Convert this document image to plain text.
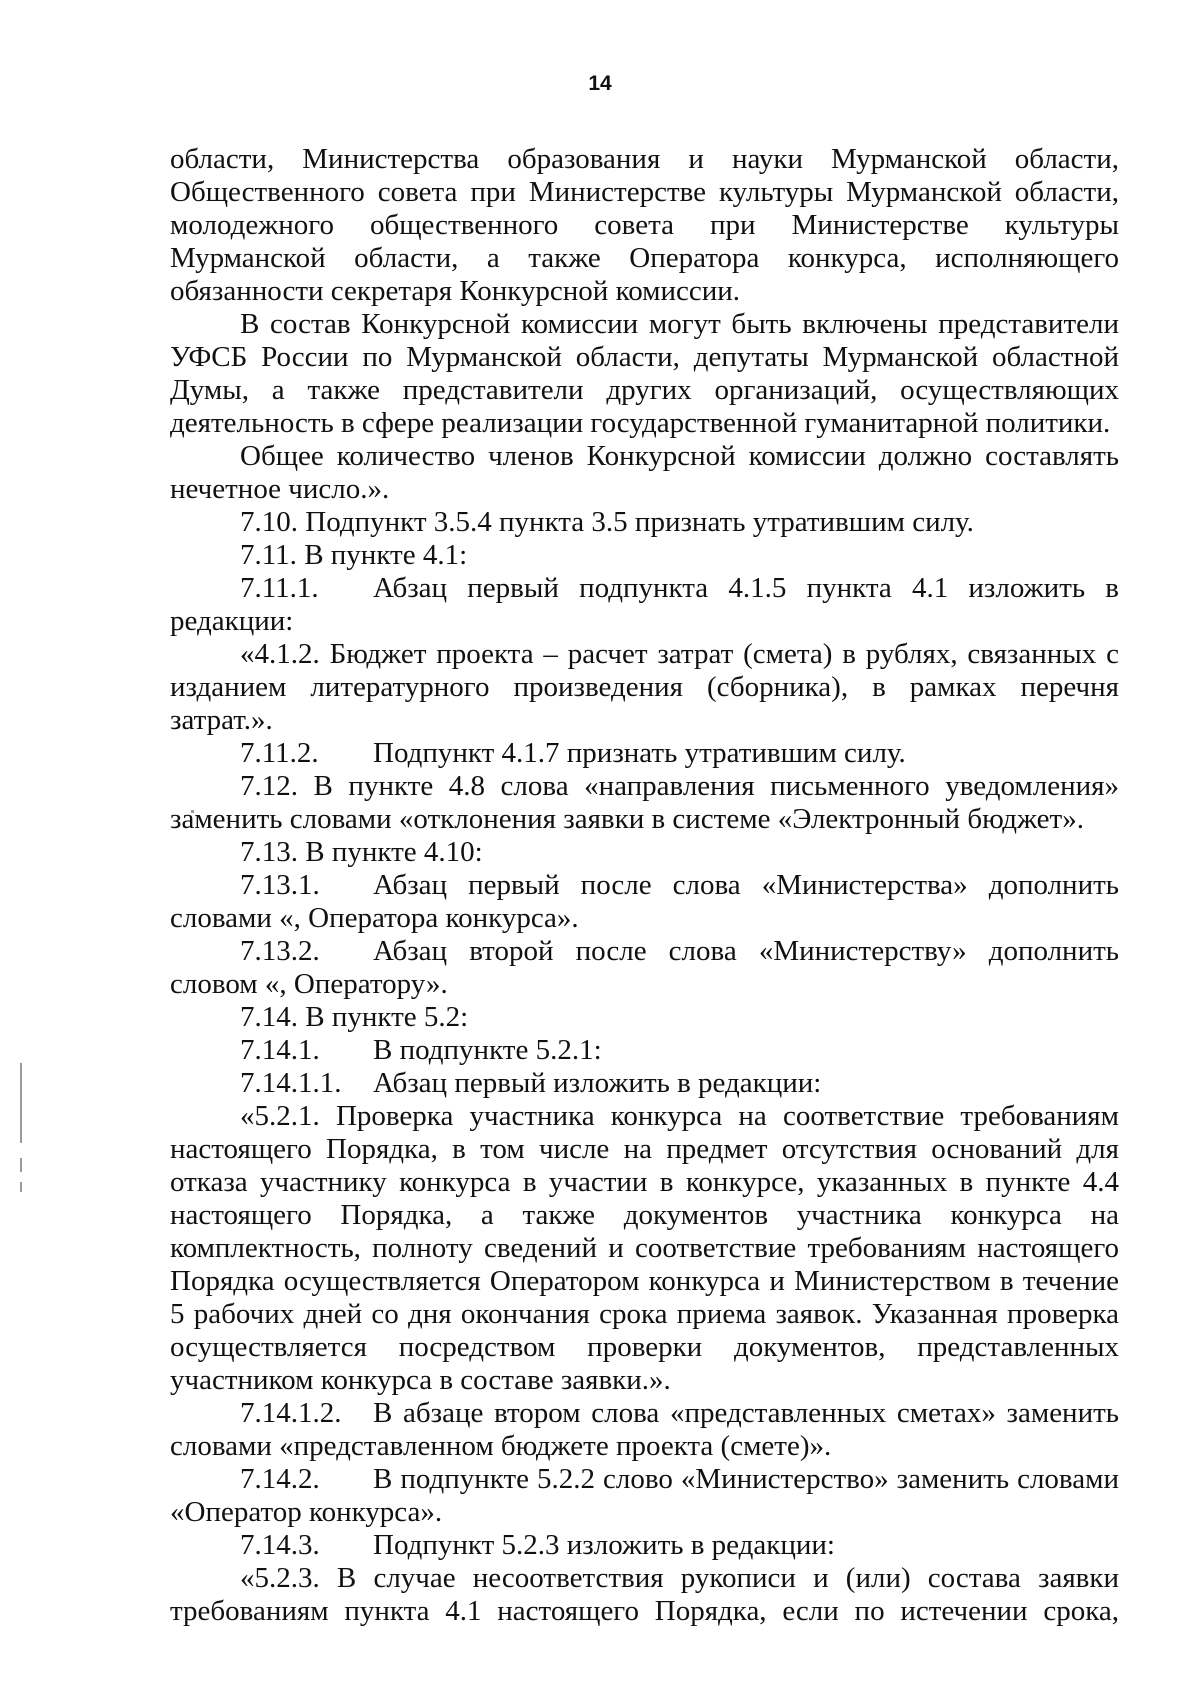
14

области, Министерства образования и науки Мурманской области, Общественного совета при Министерстве культуры Мурманской области, молодежного общественного совета при Министерстве культуры Мурманской области, а также Оператора конкурса, исполняющего обязанности секретаря Конкурсной комиссии.

В состав Конкурсной комиссии могут быть включены представители УФСБ России по Мурманской области, депутаты Мурманской областной Думы, а также представители других организаций, осуществляющих деятельность в сфере реализации государственной гуманитарной политики.

Общее количество членов Конкурсной комиссии должно составлять нечетное число.».

7.10. Подпункт 3.5.4 пункта 3.5 признать утратившим силу.

7.11. В пункте 4.1:

7.11.1. Абзац первый подпункта 4.1.5 пункта 4.1 изложить в редакции:

«4.1.2. Бюджет проекта – расчет затрат (смета) в рублях, связанных с изданием литературного произведения (сборника), в рамках перечня затрат.».

7.11.2. Подпункт 4.1.7 признать утратившим силу.

7.12. В пункте 4.8 слова «направления письменного уведомления» заменить словами «отклонения заявки в системе «Электронный бюджет».

7.13. В пункте 4.10:

7.13.1. Абзац первый после слова «Министерства» дополнить словами «, Оператора конкурса».

7.13.2. Абзац второй после слова «Министерству» дополнить словом «, Оператору».

7.14. В пункте 5.2:

7.14.1. В подпункте 5.2.1:

7.14.1.1. Абзац первый изложить в редакции:

«5.2.1. Проверка участника конкурса на соответствие требованиям настоящего Порядка, в том числе на предмет отсутствия оснований для отказа участнику конкурса в участии в конкурсе, указанных в пункте 4.4 настоящего Порядка, а также документов участника конкурса на комплектность, полноту сведений и соответствие требованиям настоящего Порядка осуществляется Оператором конкурса и Министерством в течение 5 рабочих дней со дня окончания срока приема заявок. Указанная проверка осуществляется посредством проверки документов, представленных участником конкурса в составе заявки.».

7.14.1.2. В абзаце втором слова «представленных сметах» заменить словами «представленном бюджете проекта (смете)».

7.14.2. В подпункте 5.2.2 слово «Министерство» заменить словами «Оператор конкурса».

7.14.3. Подпункт 5.2.3 изложить в редакции:

«5.2.3. В случае несоответствия рукописи и (или) состава заявки требованиям пункта 4.1 настоящего Порядка, если по истечении срока,
